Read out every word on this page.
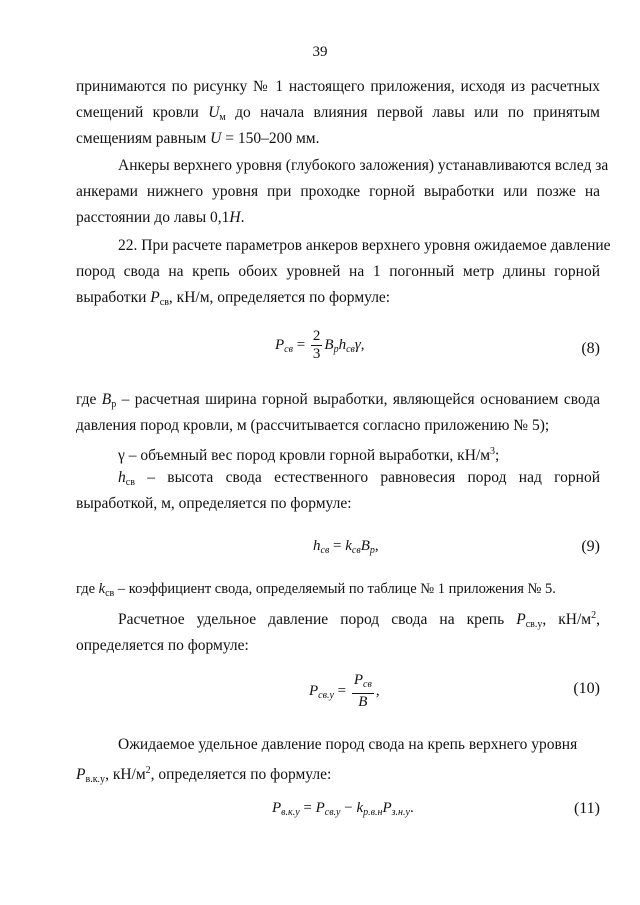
39
принимаются по рисунку № 1 настоящего приложения, исходя из расчетных
смещений кровли $U_м$ до начала влияния первой лавы или по принятым
смещениям равным U = 150–200 мм.
Анкеры верхнего уровня (глубокого заложения) устанавливаются вслед за
анкерами нижнего уровня при проходке горной выработки или позже на
расстоянии до лавы 0,1H.
22. При расчете параметров анкеров верхнего уровня ожидаемое давление
пород свода на крепь обоих уровней на 1 погонный метр длины горной
выработки $P_{св}$, кН/м, определяется по формуле:
$P_{св} = \frac{2}{3} B_рh_{св}\gamma$,	(8)
где $B_р$ – расчетная ширина горной выработки, являющейся основанием свода
давления пород кровли, м (рассчитывается согласно приложению № 5);
γ – объемный вес пород кровли горной выработки, $кН/м^3$;
$h_{св}$ – высота свода естественного равновесия пород над горной
выработкой, м, определяется по формуле:
$h_{св} = k_{св}B_р$,	(9)
где $k_{св}$ – коэффициент свода, определяемый по таблице № 1 приложения № 5.
Расчетное удельное давление пород свода на крепь $P_{св.у}$, $кН/м^2$,
определяется по формуле:
$P_{св.у} = \frac{P_{св}}{B}$ ,	(10)
Ожидаемое удельное давление пород свода на крепь верхнего уровня
$P_{в.к.у}$, $кН/м^2$, определяется по формуле:
$P_{в.к.у} = P_{св.у} - k_{р.в.н}P_{з.н.у}$.	(11)
